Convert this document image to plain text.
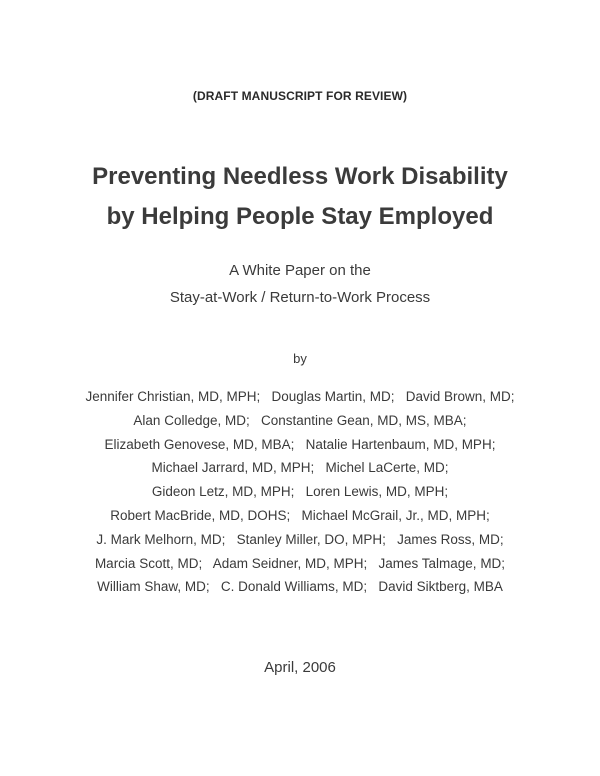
(DRAFT MANUSCRIPT FOR REVIEW)
Preventing Needless Work Disability
by Helping People Stay Employed
A White Paper on the
Stay-at-Work / Return-to-Work Process
by
Jennifer Christian, MD, MPH;   Douglas Martin, MD;   David Brown, MD;
Alan Colledge, MD;   Constantine Gean, MD, MS, MBA;
Elizabeth Genovese, MD, MBA;   Natalie Hartenbaum, MD, MPH;
Michael Jarrard, MD, MPH;   Michel LaCerte, MD;
Gideon Letz, MD, MPH;   Loren Lewis, MD, MPH;
Robert MacBride, MD, DOHS;   Michael McGrail, Jr., MD, MPH;
J. Mark Melhorn, MD;   Stanley Miller, DO, MPH;   James Ross, MD;
Marcia Scott, MD;   Adam Seidner, MD, MPH;   James Talmage, MD;
William Shaw, MD;   C. Donald Williams, MD;   David Siktberg, MBA
April, 2006
